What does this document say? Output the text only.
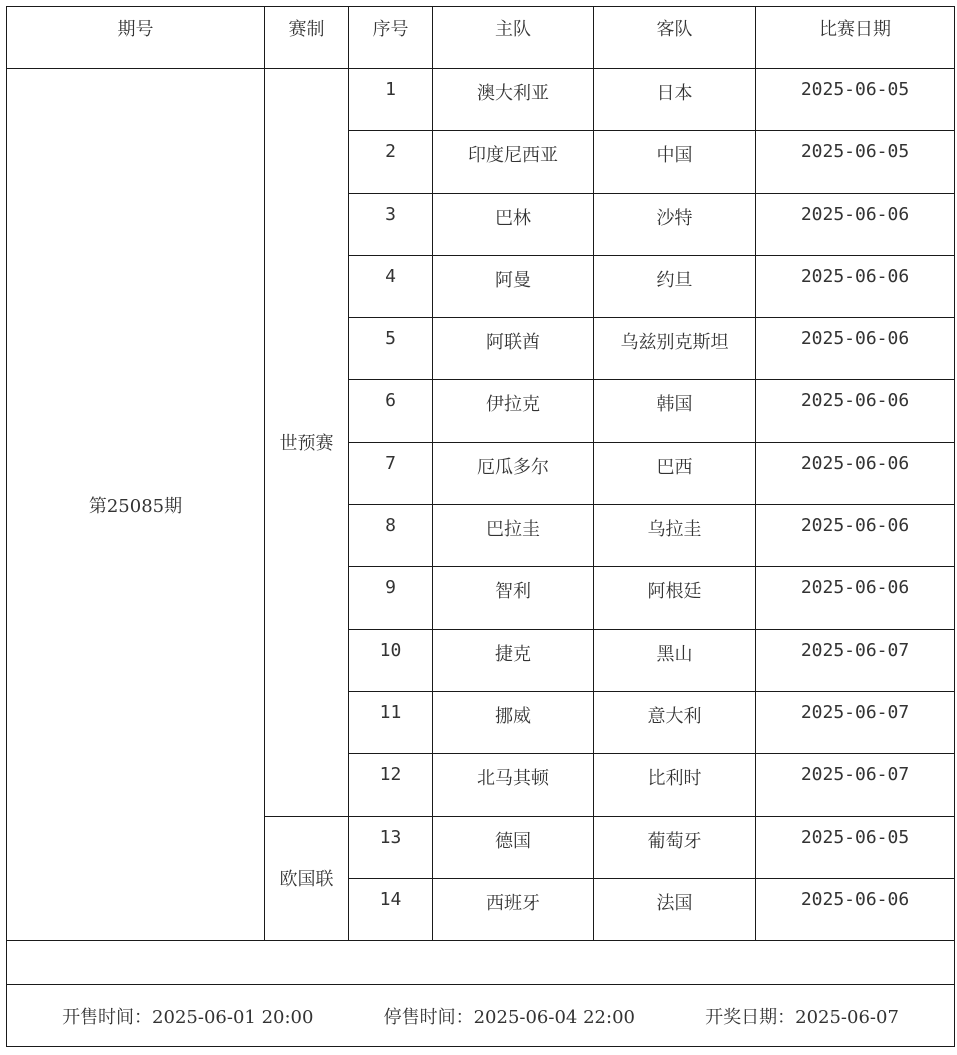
期号	赛制	序号	主队	客队	比赛日期
第25085期	世预赛	1	澳大利亚	日本	2025-06-05
		2	印度尼西亚	中国	2025-06-05
		3	巴林	沙特	2025-06-06
		4	阿曼	约旦	2025-06-06
		5	阿联酋	乌兹别克斯坦	2025-06-06
		6	伊拉克	韩国	2025-06-06
		7	厄瓜多尔	巴西	2025-06-06
		8	巴拉圭	乌拉圭	2025-06-06
		9	智利	阿根廷	2025-06-06
		10	捷克	黑山	2025-06-07
		11	挪威	意大利	2025-06-07
		12	北马其顿	比利时	2025-06-07
	欧国联	13	德国	葡萄牙	2025-06-05
		14	西班牙	法国	2025-06-06

开售时间：2025-06-01 20:00 停售时间：2025-06-04 22:00 开奖日期：2025-06-07					
